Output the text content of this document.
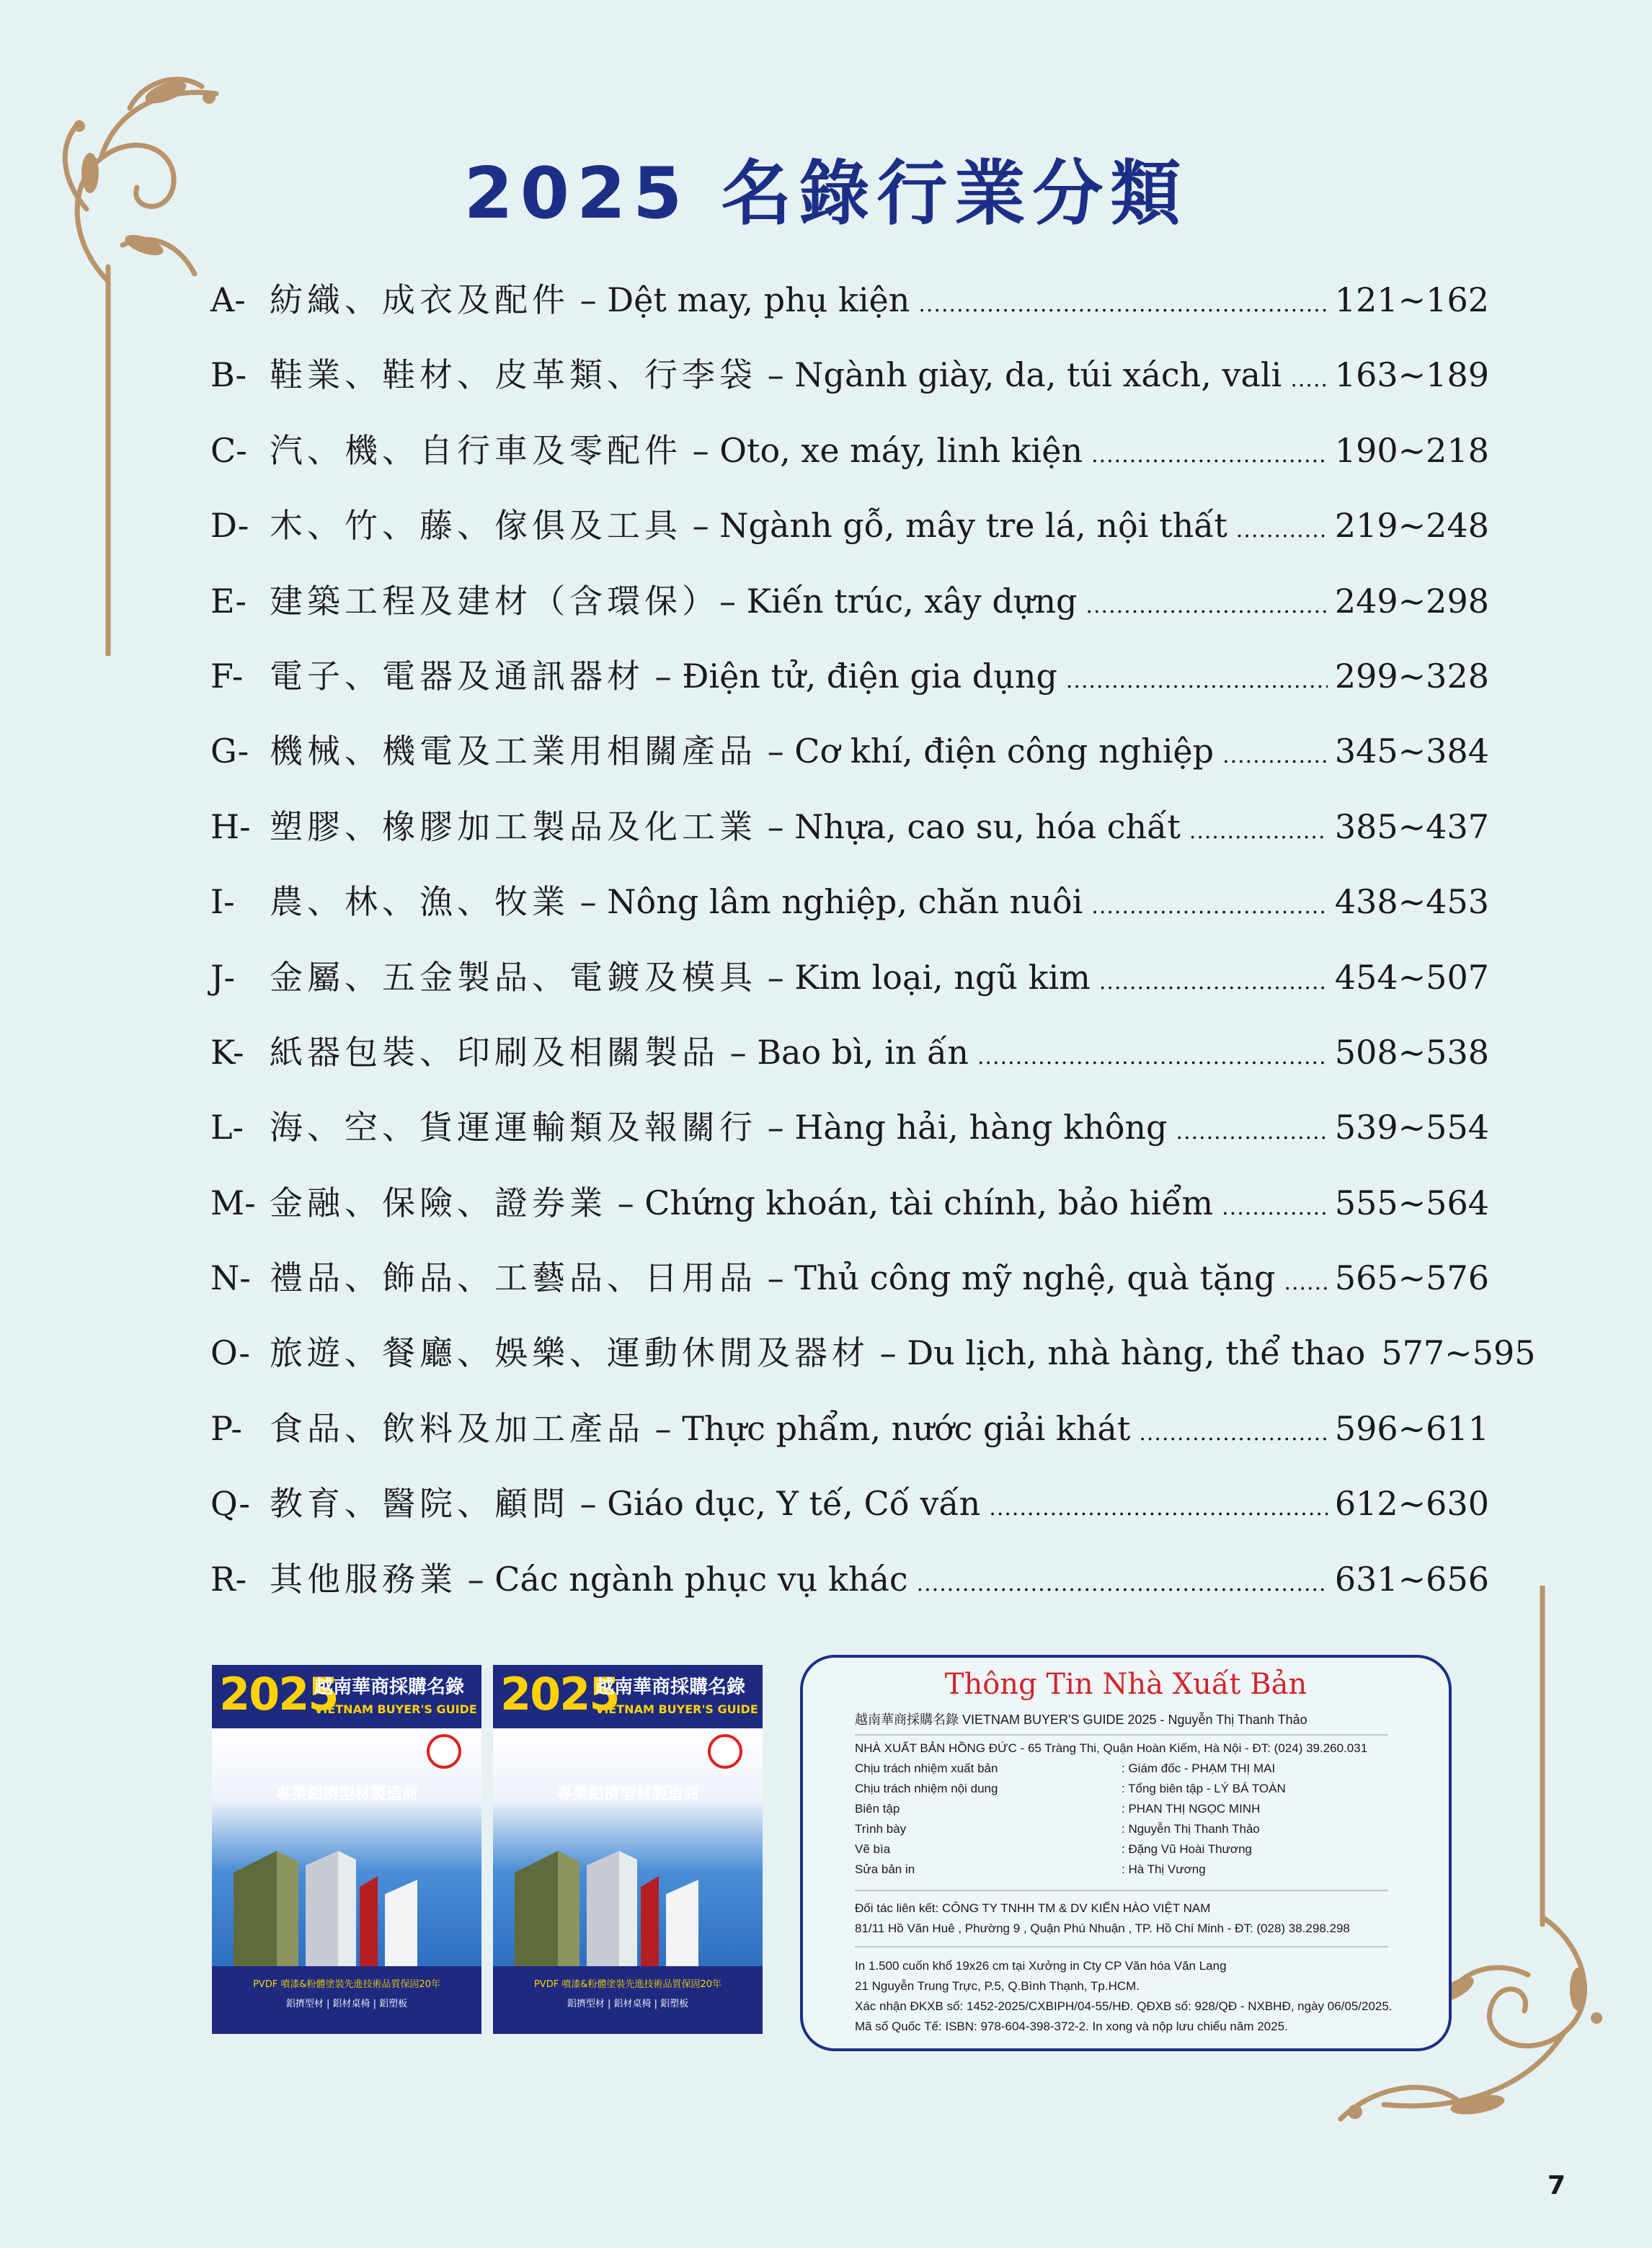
2025 名錄行業分類
A- 紡織、成衣及配件 – Dệt may, phụ kiện .....	121~162
B- 鞋業、鞋材、皮革類、行李袋 – Ngành giày, da, túi xách, vali ..... 163~189
C- 汽、機、自行車及零配件 – Oto, xe máy, linh kiện .....	190~218
D- 木、竹、藤、傢俱及工具 – Ngành gỗ, mây tre lá, nội thất .....	219~248
E- 建築工程及建材（含環保）– Kiến trúc, xây dựng .....	249~298
F- 電子、電器及通訊器材 – Điện tử, điện gia dụng .....	299~328
G- 機械、機電及工業用相關產品 – Cơ khí, điện công nghiệp .....	345~384
H- 塑膠、橡膠加工製品及化工業 – Nhựa, cao su, hóa chất .....	385~437
I-	農、林、漁、牧業 – Nông lâm nghiệp, chăn nuôi .....	438~453
J-	金屬、五金製品、電鍍及模具 – Kim loại, ngũ kim .....	454~507
K- 紙器包裝、印刷及相關製品 – Bao bì, in ấn .....	508~538
L- 海、空、貨運運輸類及報關行 – Hàng hải, hàng không .....	539~554
M- 金融、保險、證券業 – Chứng khoán, tài chính, bảo hiểm .....	555~564
N- 禮品、飾品、工藝品、日用品 – Thủ công mỹ nghệ, quà tặng ..... 565~576
O- 旅遊、餐廳、娛樂、運動休閒及器材 – Du lịch, nhà hàng, thể thao 577~595
P- 食品、飲料及加工產品 – Thực phẩm, nước giải khát .....	596~611
Q- 教育、醫院、顧問 – Giáo dục, Y tế, Cố vấn .....	612~630
R- 其他服務業 – Các ngành phục vụ khác .....	631~656
2025
越南華商採購名錄
VIETNAM BUYER'S GUIDE
專業鋁擠型材製造商
PVDF 噴漆&粉體塗裝先進技術品質保固20年
鋁擠型材 | 鋁材桌椅 | 鋁塑板
2025
越南華商採購名錄
VIETNAM BUYER'S GUIDE
專業鋁擠型材製造商
PVDF 噴漆&粉體塗裝先進技術品質保固20年
鋁擠型材 | 鋁材桌椅 | 鋁塑板
Thông Tin Nhà Xuất Bản
越南華商採購名錄 VIETNAM BUYER'S GUIDE 2025 - Nguyễn Thị Thanh Thảo
NHÀ XUẤT BẢN HỒNG ĐỨC - 65 Tràng Thi, Quận Hoàn Kiếm, Hà Nội - ĐT: (024) 39.260.031
Chịu trách nhiệm xuất bản	: Giám đốc - PHẠM THỊ MAI
Chịu trách nhiệm nội dung	: Tổng biên tập - LÝ BÁ TOÀN
Biên tập	: PHAN THỊ NGỌC MINH
Trình bày	: Nguyễn Thị Thanh Thảo
Vẽ bìa	: Đặng Vũ Hoài Thương
Sửa bản in	: Hà Thị Vương
Đối tác liên kết: CÔNG TY TNHH TM & DV KIẾN HÀO VIỆT NAM
81/11 Hồ Văn Huê , Phường 9 , Quận Phú Nhuận , TP. Hồ Chí Minh - ĐT: (028) 38.298.298
In 1.500 cuốn khổ 19x26 cm tại Xưởng in Cty CP Văn hóa Văn Lang
21 Nguyễn Trung Trực, P.5, Q.Bình Thạnh, Tp.HCM.
Xác nhận ĐKXB số: 1452-2025/CXBIPH/04-55/HĐ. QĐXB số: 928/QĐ - NXBHĐ, ngày 06/05/2025.
Mã số Quốc Tế: ISBN: 978-604-398-372-2. In xong và nộp lưu chiểu năm 2025.
7
